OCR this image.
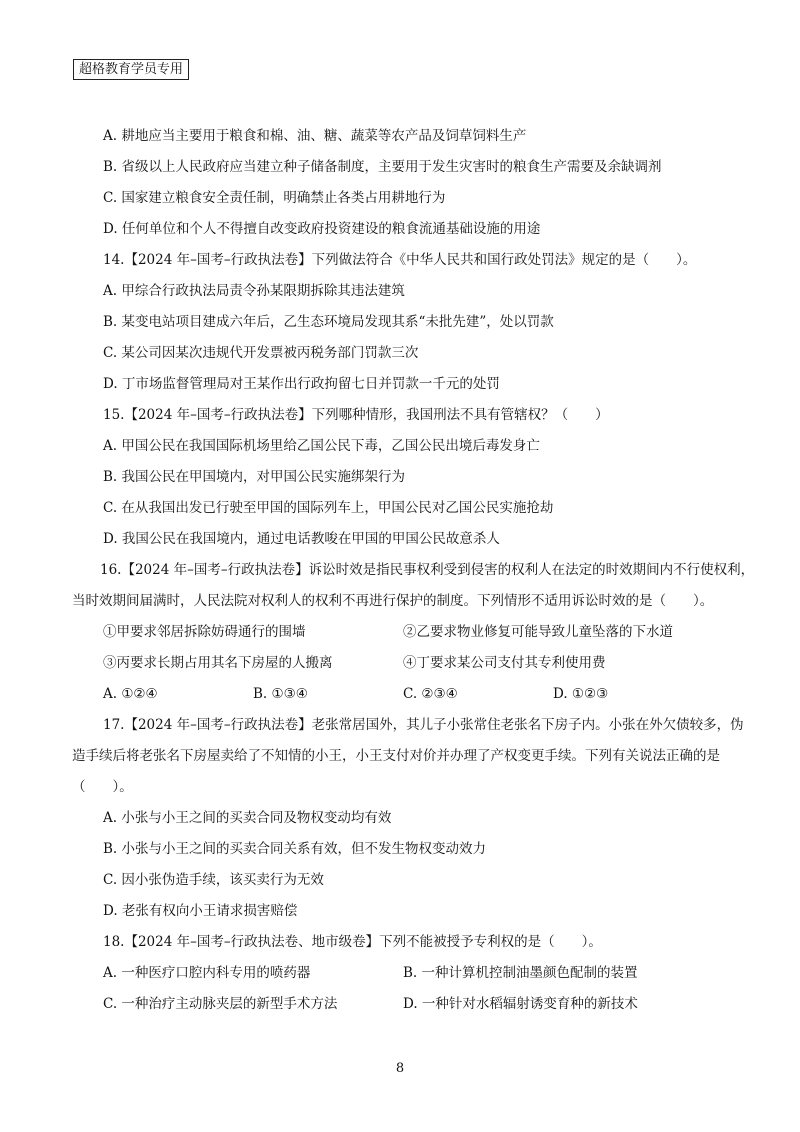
超格教育学员专用
A. 耕地应当主要用于粮食和棉、油、糖、蔬菜等农产品及饲草饲料生产
B. 省级以上人民政府应当建立种子储备制度，主要用于发生灾害时的粮食生产需要及余缺调剂
C. 国家建立粮食安全责任制，明确禁止各类占用耕地行为
D. 任何单位和个人不得擅自改变政府投资建设的粮食流通基础设施的用途
14.【2024 年–国考–行政执法卷】下列做法符合《中华人民共和国行政处罚法》规定的是（　　）。
A. 甲综合行政执法局责令孙某限期拆除其违法建筑
B. 某变电站项目建成六年后，乙生态环境局发现其系“未批先建”，处以罚款
C. 某公司因某次违规代开发票被丙税务部门罚款三次
D. 丁市场监督管理局对王某作出行政拘留七日并罚款一千元的处罚
15.【2024 年–国考–行政执法卷】下列哪种情形，我国刑法不具有管辖权？（　　）
A. 甲国公民在我国国际机场里给乙国公民下毒，乙国公民出境后毒发身亡
B. 我国公民在甲国境内，对甲国公民实施绑架行为
C. 在从我国出发已行驶至甲国的国际列车上，甲国公民对乙国公民实施抢劫
D. 我国公民在我国境内，通过电话教唆在甲国的甲国公民故意杀人
16.【2024 年–国考–行政执法卷】诉讼时效是指民事权利受到侵害的权利人在法定的时效期间内不行使权利，
当时效期间届满时，人民法院对权利人的权利不再进行保护的制度。下列情形不适用诉讼时效的是（　　）。
①甲要求邻居拆除妨碍通行的围墙	②乙要求物业修复可能导致儿童坠落的下水道
③丙要求长期占用其名下房屋的人搬离	④丁要求某公司支付其专利使用费
A. ①②④	B. ①③④	C. ②③④	D. ①②③
17.【2024 年–国考–行政执法卷】老张常居国外，其儿子小张常住老张名下房子内。小张在外欠债较多，伪
造手续后将老张名下房屋卖给了不知情的小王，小王支付对价并办理了产权变更手续。下列有关说法正确的是
（　　）。
A. 小张与小王之间的买卖合同及物权变动均有效
B. 小张与小王之间的买卖合同关系有效，但不发生物权变动效力
C. 因小张伪造手续，该买卖行为无效
D. 老张有权向小王请求损害赔偿
18.【2024 年–国考–行政执法卷、地市级卷】下列不能被授予专利权的是（　　）。
A. 一种医疗口腔内科专用的喷药器	B. 一种计算机控制油墨颜色配制的装置
C. 一种治疗主动脉夹层的新型手术方法	D. 一种针对水稻辐射诱变育种的新技术
8
